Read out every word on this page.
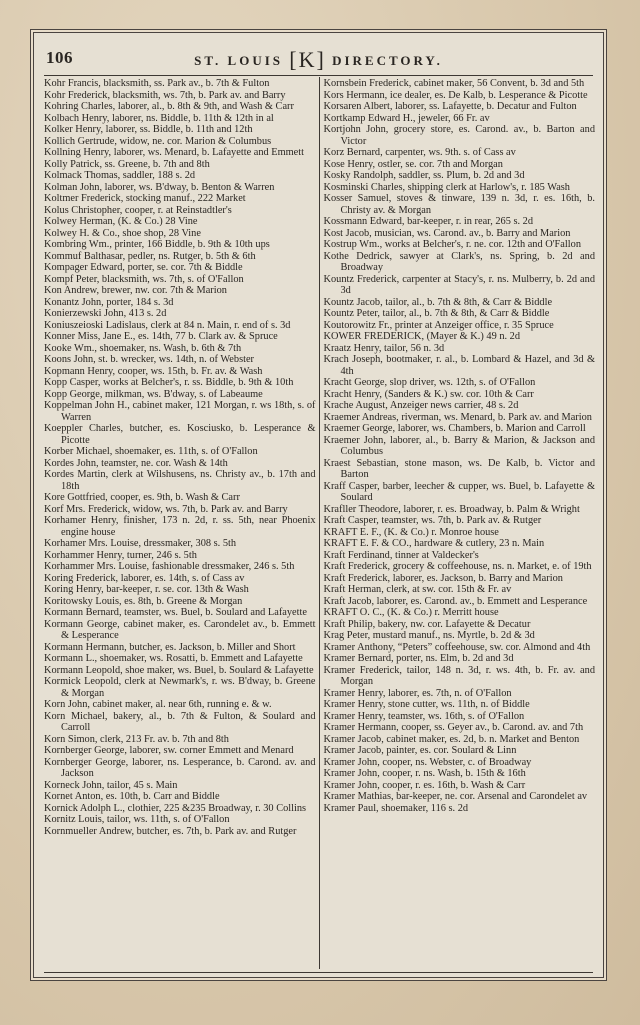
106	ST. LOUIS [K] DIRECTORY.

Kohr Francis, blacksmith, ss. Park av., b. 7th & Fulton

Kohr Frederick, blacksmith, ws. 7th, b. Park av. and Barry

Kohring Charles, laborer, al., b. 8th & 9th, and Wash & Carr

Kolbach Henry, laborer, ns. Biddle, b. 11th & 12th in al

Kolker Henry, laborer, ss. Biddle, b. 11th and 12th

Kollich Gertrude, widow, ne. cor. Marion & Columbus

Kollning Henry, laborer, ws. Menard, b. Lafayette and Emmett

Kolly Patrick, ss. Greene, b. 7th and 8th

Kolmack Thomas, saddler, 188 s. 2d

Kolman John, laborer, ws. B'dway, b. Benton & Warren

Koltmer Frederick, stocking manuf., 222 Market

Kolus Christopher, cooper, r. at Reinstadtler's

Kolwey Herman, (K. & Co.) 28 Vine

Kolwey H. & Co., shoe shop, 28 Vine

Kombring Wm., printer, 166 Biddle, b. 9th & 10th ups

Kommuf Balthasar, pedler, ns. Rutger, b. 5th & 6th

Kompager Edward, porter, se. cor. 7th & Biddle

Kompf Peter, blacksmith, ws. 7th, s. of O'Fallon

Kon Andrew, brewer, nw. cor. 7th & Marion

Konantz John, porter, 184 s. 3d

Konierzewski John, 413 s. 2d

Koniuszeioski Ladislaus, clerk at 84 n. Main, r. end of s. 3d

Konner Miss, Jane E., es. 14th, 77 b. Clark av. & Spruce

Kooke Wm., shoemaker, ns. Wash, b. 6th & 7th

Koons John, st. b. wrecker, ws. 14th, n. of Webster

Kopmann Henry, cooper, ws. 15th, b. Fr. av. & Wash

Kopp Casper, works at Belcher's, r. ss. Biddle, b. 9th & 10th

Kopp George, milkman, ws. B'dway, s. of Labeaume

Koppelman John H., cabinet maker, 121 Morgan, r. ws 18th, s. of Warren

Koeppler Charles, butcher, es. Kosciusko, b. Lesperance & Picotte

Korber Michael, shoemaker, es. 11th, s. of O'Fallon

Kordes John, teamster, ne. cor. Wash & 14th

Kordes Martin, clerk at Wilshusens, ns. Christy av., b. 17th and 18th

Kore Gottfried, cooper, es. 9th, b. Wash & Carr

Korf Mrs. Frederick, widow, ws. 7th, b. Park av. and Barry

Korhamer Henry, finisher, 173 n. 2d, r. ss. 5th, near Phoenix engine house

Korhamer Mrs. Louise, dressmaker, 308 s. 5th

Korhammer Henry, turner, 246 s. 5th

Korhammer Mrs. Louise, fashionable dressmaker, 246 s. 5th

Koring Frederick, laborer, es. 14th, s. of Cass av

Koring Henry, bar-keeper, r. se. cor. 13th & Wash

Koritowsky Louis, es. 8th, b. Greene & Morgan

Kormann Bernard, teamster, ws. Buel, b. Soulard and Lafayette

Kormann George, cabinet maker, es. Carondelet av., b. Emmett & Lesperance

Kormann Hermann, butcher, es. Jackson, b. Miller and Short

Kormann L., shoemaker, ws. Rosatti, b. Emmett and Lafayette

Kormann Leopold, shoe maker, ws. Buel, b. Soulard & Lafayette

Kormick Leopold, clerk at Newmark's, r. ws. B'dway, b. Greene & Morgan

Korn John, cabinet maker, al. near 6th, running e. & w.

Korn Michael, bakery, al., b. 7th & Fulton, & Soulard and Carroll

Korn Simon, clerk, 213 Fr. av. b. 7th and 8th

Kornberger George, laborer, sw. corner Emmett and Menard

Kornberger George, laborer, ns. Lesperance, b. Carond. av. and Jackson

Korneck John, tailor, 45 s. Main

Kornet Anton, es. 10th, b. Carr and Biddle

Kornick Adolph L., clothier, 225 &235 Broadway, r. 30 Collins

Kornitz Louis, tailor, ws. 11th, s. of O'Fallon

Kornmueller Andrew, butcher, es. 7th, b. Park av. and Rutger

Kornsbein Frederick, cabinet maker, 56 Convent, b. 3d and 5th

Kors Hermann, ice dealer, es. De Kalb, b. Lesperance & Picotte

Korsaren Albert, laborer, ss. Lafayette, b. Decatur and Fulton

Kortkamp Edward H., jeweler, 66 Fr. av

Kortjohn John, grocery store, es. Carond. av., b. Barton and Victor

Korz Bernard, carpenter, ws. 9th. s. of Cass av

Kose Henry, ostler, se. cor. 7th and Morgan

Kosky Randolph, saddler, ss. Plum, b. 2d and 3d

Kosminski Charles, shipping clerk at Harlow's, r. 185 Wash

Kosser Samuel, stoves & tinware, 139 n. 3d, r. es. 16th, b. Christy av. & Morgan

Kossmann Edward, bar-keeper, r. in rear, 265 s. 2d

Kost Jacob, musician, ws. Carond. av., b. Barry and Marion

Kostrup Wm., works at Belcher's, r. ne. cor. 12th and O'Fallon

Kothe Dedrick, sawyer at Clark's, ns. Spring, b. 2d and Broadway

Kountz Frederick, carpenter at Stacy's, r. ns. Mulberry, b. 2d and 3d

Kountz Jacob, tailor, al., b. 7th & 8th, & Carr & Biddle

Kountz Peter, tailor, al., b. 7th & 8th, & Carr & Biddle

Koutorowitz Fr., printer at Anzeiger office, r. 35 Spruce

KOWER FREDERICK, (Mayer & K.) 49 n. 2d

Kraatz Henry, tailor, 56 n. 3d

Krach Joseph, bootmaker, r. al., b. Lombard & Hazel, and 3d & 4th

Kracht George, slop driver, ws. 12th, s. of O'Fallon

Kracht Henry, (Sanders & K.) sw. cor. 10th & Carr

Krache August, Anzeiger news carrier, 48 s. 2d

Kraemer Andreas, riverman, ws. Menard, b. Park av. and Marion

Kraemer George, laborer, ws. Chambers, b. Marion and Carroll

Kraemer John, laborer, al., b. Barry & Marion, & Jackson and Columbus

Kraest Sebastian, stone mason, ws. De Kalb, b. Victor and Barton

Kraff Casper, barber, leecher & cupper, ws. Buel, b. Lafayette & Soulard

Krafller Theodore, laborer, r. es. Broadway, b. Palm & Wright

Kraft Casper, teamster, ws. 7th, b. Park av. & Rutger

KRAFT E. F., (K. & Co.) r. Monroe house

KRAFT E. F. & CO., hardware & cutlery, 23 n. Main

Kraft Ferdinand, tinner at Valdecker's

Kraft Frederick, grocery & coffeehouse, ns. n. Market, e. of 19th

Kraft Frederick, laborer, es. Jackson, b. Barry and Marion

Kraft Herman, clerk, at sw. cor. 15th & Fr. av

Kraft Jacob, laborer, es. Carond. av., b. Emmett and Lesperance

KRAFT O. C., (K. & Co.) r. Merritt house

Kraft Philip, bakery, nw. cor. Lafayette & Decatur

Krag Peter, mustard manuf., ns. Myrtle, b. 2d & 3d

Kramer Anthony, “Peters” coffeehouse, sw. cor. Almond and 4th

Kramer Bernard, porter, ns. Elm, b. 2d and 3d

Kramer Frederick, tailor, 148 n. 3d, r. ws. 4th, b. Fr. av. and Morgan

Kramer Henry, laborer, es. 7th, n. of O'Fallon

Kramer Henry, stone cutter, ws. 11th, n. of Biddle

Kramer Henry, teamster, ws. 16th, s. of O'Fallon

Kramer Hermann, cooper, ss. Geyer av., b. Carond. av. and 7th

Kramer Jacob, cabinet maker, es. 2d, b. n. Market and Benton

Kramer Jacob, painter, es. cor. Soulard & Linn

Kramer John, cooper, ns. Webster, c. of Broadway

Kramer John, cooper, r. ns. Wash, b. 15th & 16th

Kramer John, cooper, r. es. 16th, b. Wash & Carr

Kramer Mathias, bar-keeper, ne. cor. Arsenal and Carondelet av

Kramer Paul, shoemaker, 116 s. 2d
